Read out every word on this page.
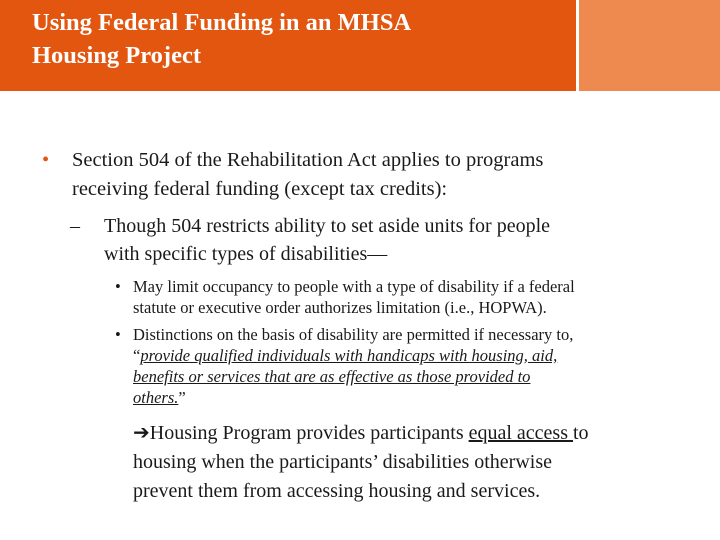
Using Federal Funding in an MHSA
Housing Project
• Section 504 of the Rehabilitation Act applies to programs
receiving federal funding (except tax credits):
– Though 504 restricts ability to set aside units for people
with specific types of disabilities—
• May limit occupancy to people with a type of disability if a federal
statute or executive order authorizes limitation (i.e., HOPWA).
• Distinctions on the basis of disability are permitted if necessary to,
“provide qualified individuals with handicaps with housing, aid,
benefits or services that are as effective as those provided to
others.”
➔Housing Program provides participants equal access to
housing when the participants’ disabilities otherwise
prevent them from accessing housing and services.
